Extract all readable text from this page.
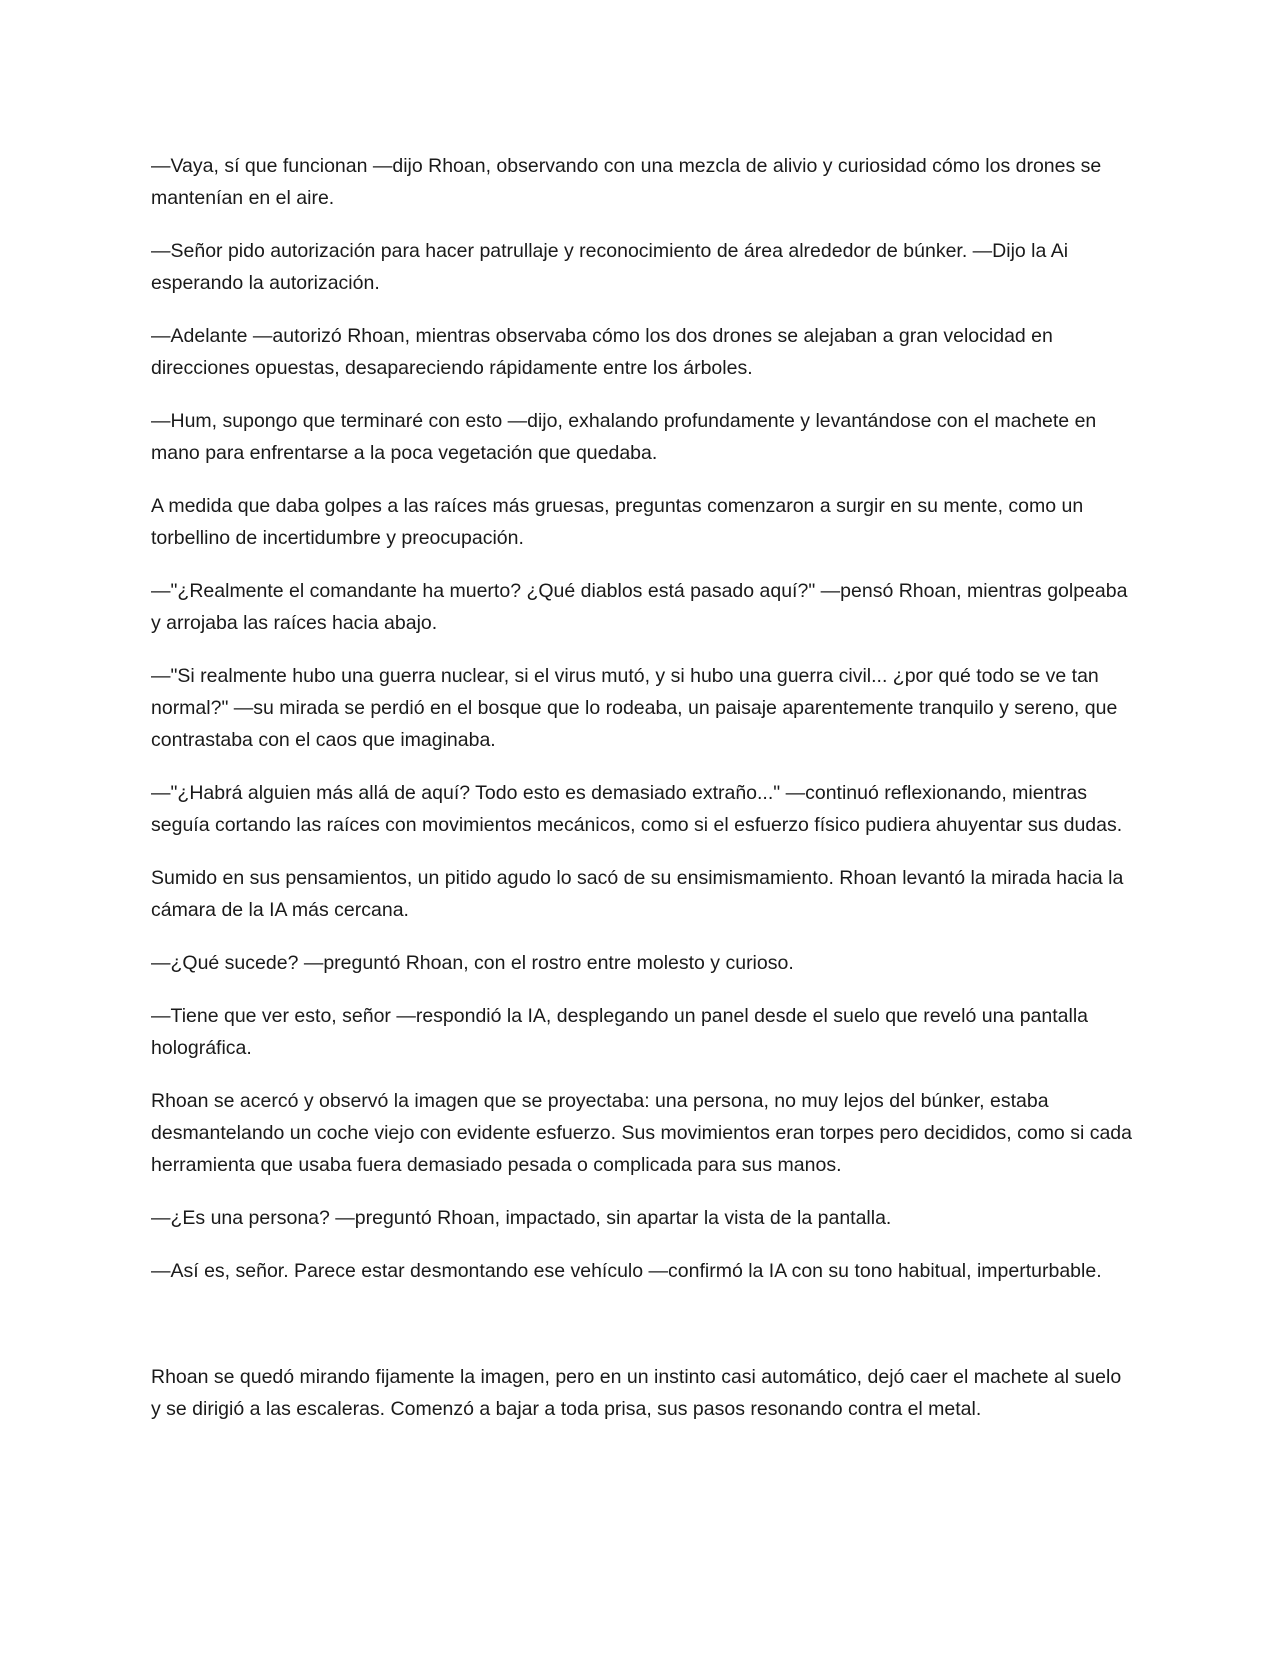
—Vaya, sí que funcionan —dijo Rhoan, observando con una mezcla de alivio y curiosidad cómo los drones se mantenían en el aire.

—Señor pido autorización para hacer patrullaje y reconocimiento de área alrededor de búnker. —Dijo la Ai esperando la autorización.

—Adelante —autorizó Rhoan, mientras observaba cómo los dos drones se alejaban a gran velocidad en direcciones opuestas, desapareciendo rápidamente entre los árboles.

—Hum, supongo que terminaré con esto —dijo, exhalando profundamente y levantándose con el machete en mano para enfrentarse a la poca vegetación que quedaba.

A medida que daba golpes a las raíces más gruesas, preguntas comenzaron a surgir en su mente, como un torbellino de incertidumbre y preocupación.

—"¿Realmente el comandante ha muerto? ¿Qué diablos está pasado aquí?" —pensó Rhoan, mientras golpeaba y arrojaba las raíces hacia abajo.

—"Si realmente hubo una guerra nuclear, si el virus mutó, y si hubo una guerra civil... ¿por qué todo se ve tan normal?" —su mirada se perdió en el bosque que lo rodeaba, un paisaje aparentemente tranquilo y sereno, que contrastaba con el caos que imaginaba.

—"¿Habrá alguien más allá de aquí? Todo esto es demasiado extraño..." —continuó reflexionando, mientras seguía cortando las raíces con movimientos mecánicos, como si el esfuerzo físico pudiera ahuyentar sus dudas.

Sumido en sus pensamientos, un pitido agudo lo sacó de su ensimismamiento. Rhoan levantó la mirada hacia la cámara de la IA más cercana.

—¿Qué sucede? —preguntó Rhoan, con el rostro entre molesto y curioso.

—Tiene que ver esto, señor —respondió la IA, desplegando un panel desde el suelo que reveló una pantalla holográfica.

Rhoan se acercó y observó la imagen que se proyectaba: una persona, no muy lejos del búnker, estaba desmantelando un coche viejo con evidente esfuerzo. Sus movimientos eran torpes pero decididos, como si cada herramienta que usaba fuera demasiado pesada o complicada para sus manos.

—¿Es una persona? —preguntó Rhoan, impactado, sin apartar la vista de la pantalla.

—Así es, señor. Parece estar desmontando ese vehículo —confirmó la IA con su tono habitual, imperturbable.

Rhoan se quedó mirando fijamente la imagen, pero en un instinto casi automático, dejó caer el machete al suelo y se dirigió a las escaleras. Comenzó a bajar a toda prisa, sus pasos resonando contra el metal.
